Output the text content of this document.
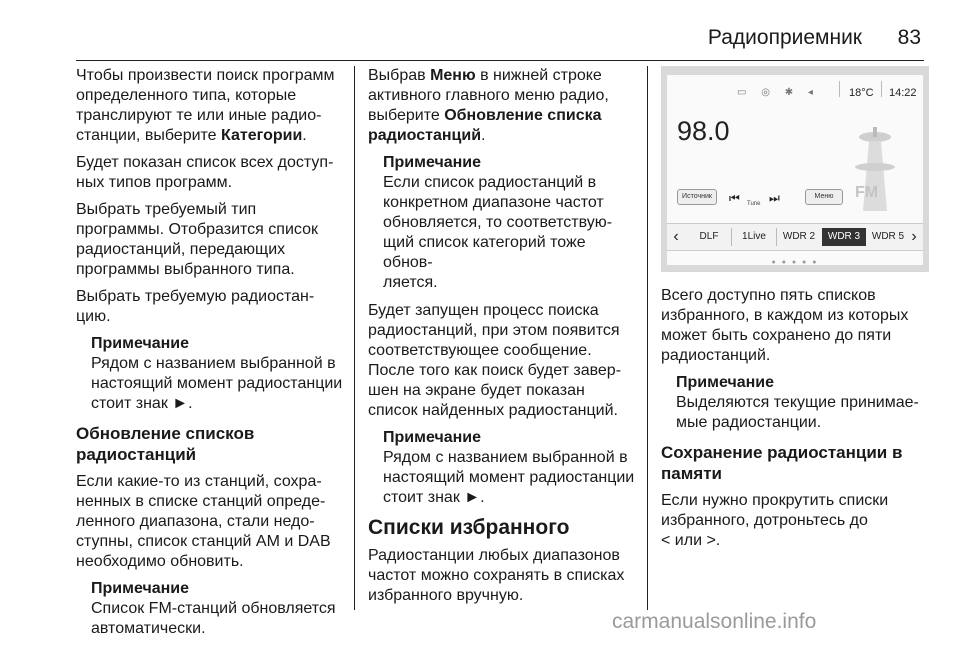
Радиоприемник 83

Чтобы произвести поиск программ
определенного типа, которые
транслируют те или иные радио-
станции, выберите Категории.

Будет показан список всех доступ-
ных типов программ.

Выбрать требуемый тип
программы. Отобразится список
радиостанций, передающих
программы выбранного типа.

Выбрать требуемую радиостан-
цию.

Примечание
Рядом с названием выбранной в
настоящий момент радиостанции
стоит знак ►.
Обновление списков
радиостанций

Если какие-то из станций, сохра-
ненных в списке станций опреде-
ленного диапазона, стали недо-
ступны, список станций AM и DAB
необходимо обновить.

Примечание
Список FM-станций обновляется
автоматически.

Выбрав Меню в нижней строке
активного главного меню радио,
выберите Обновление списка
радиостанций.

Примечание
Если список радиостанций в
конкретном диапазоне частот
обновляется, то соответствую-
щий список категорий тоже обнов-
ляется.

Будет запущен процесс поиска
радиостанций, при этом появится
соответствующее сообщение.
После того как поиск будет завер-
шен на экране будет показан
список найденных радиостанций.

Примечание
Рядом с названием выбранной в
настоящий момент радиостанции
стоит знак ►.
Списки избранного

Радиостанции любых диапазонов
частот можно сохранять в списках
избранного вручную.

▭ ◎ ✱ ◂	18°C 14:22
98.0
FM
Источник	⏮ Tune ⏭	Меню
‹	DLF	1Live	WDR 2	WDR 3	WDR 5 ›
● ● ● ● ●

Всего доступно пять списков
избранного, в каждом из которых
может быть сохранено до пяти
радиостанций.

Примечание
Выделяются текущие принимае-
мые радиостанции.
Сохранение радиостанции в
памяти

Если нужно прокрутить списки
избранного, дотроньтесь до
< или >.

carmanualsonline.info
